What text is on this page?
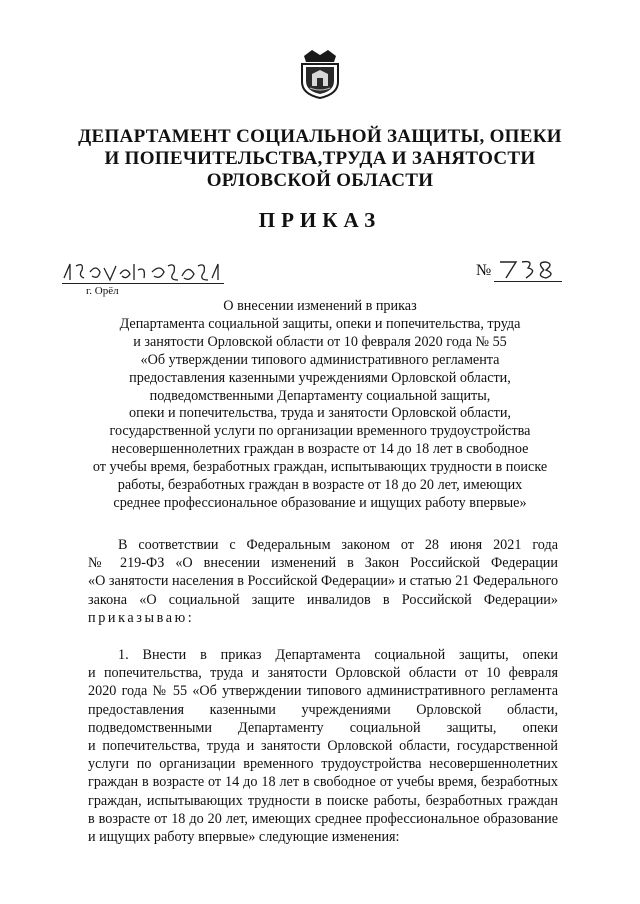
ДЕПАРТАМЕНТ СОЦИАЛЬНОЙ ЗАЩИТЫ, ОПЕКИ
И ПОПЕЧИТЕЛЬСТВА,ТРУДА И ЗАНЯТОСТИ
ОРЛОВСКОЙ ОБЛАСТИ
ПРИКАЗ
г. Орёл
№
О внесении изменений в приказ
Департамента социальной защиты, опеки и попечительства, труда
и занятости Орловской области от 10 февраля 2020 года № 55
«Об утверждении типового административного регламента
предоставления казенными учреждениями Орловской области,
подведомственными Департаменту социальной защиты,
опеки и попечительства, труда и занятости Орловской области,
государственной услуги по организации временного трудоустройства
несовершеннолетних граждан в возрасте от 14 до 18 лет в свободное
от учебы время, безработных граждан, испытывающих трудности в поиске
работы, безработных граждан в возрасте от 18 до 20 лет, имеющих
среднее профессиональное образование и ищущих работу впервые»
В соответствии с Федеральным законом от 28 июня 2021 года
№ 219-ФЗ «О внесении изменений в Закон Российской Федерации
«О занятости населения в Российской Федерации» и статью 21 Федерального
закона «О социальной защите инвалидов в Российской Федерации»
приказываю:
1. Внести в приказ Департамента социальной защиты, опеки
и попечительства, труда и занятости Орловской области от 10 февраля
2020 года № 55 «Об утверждении типового административного регламента
предоставления казенными учреждениями Орловской области,
подведомственными Департаменту социальной защиты, опеки
и попечительства, труда и занятости Орловской области, государственной
услуги по организации временного трудоустройства несовершеннолетних
граждан в возрасте от 14 до 18 лет в свободное от учебы время, безработных
граждан, испытывающих трудности в поиске работы, безработных граждан
в возрасте от 18 до 20 лет, имеющих среднее профессиональное образование
и ищущих работу впервые» следующие изменения:
